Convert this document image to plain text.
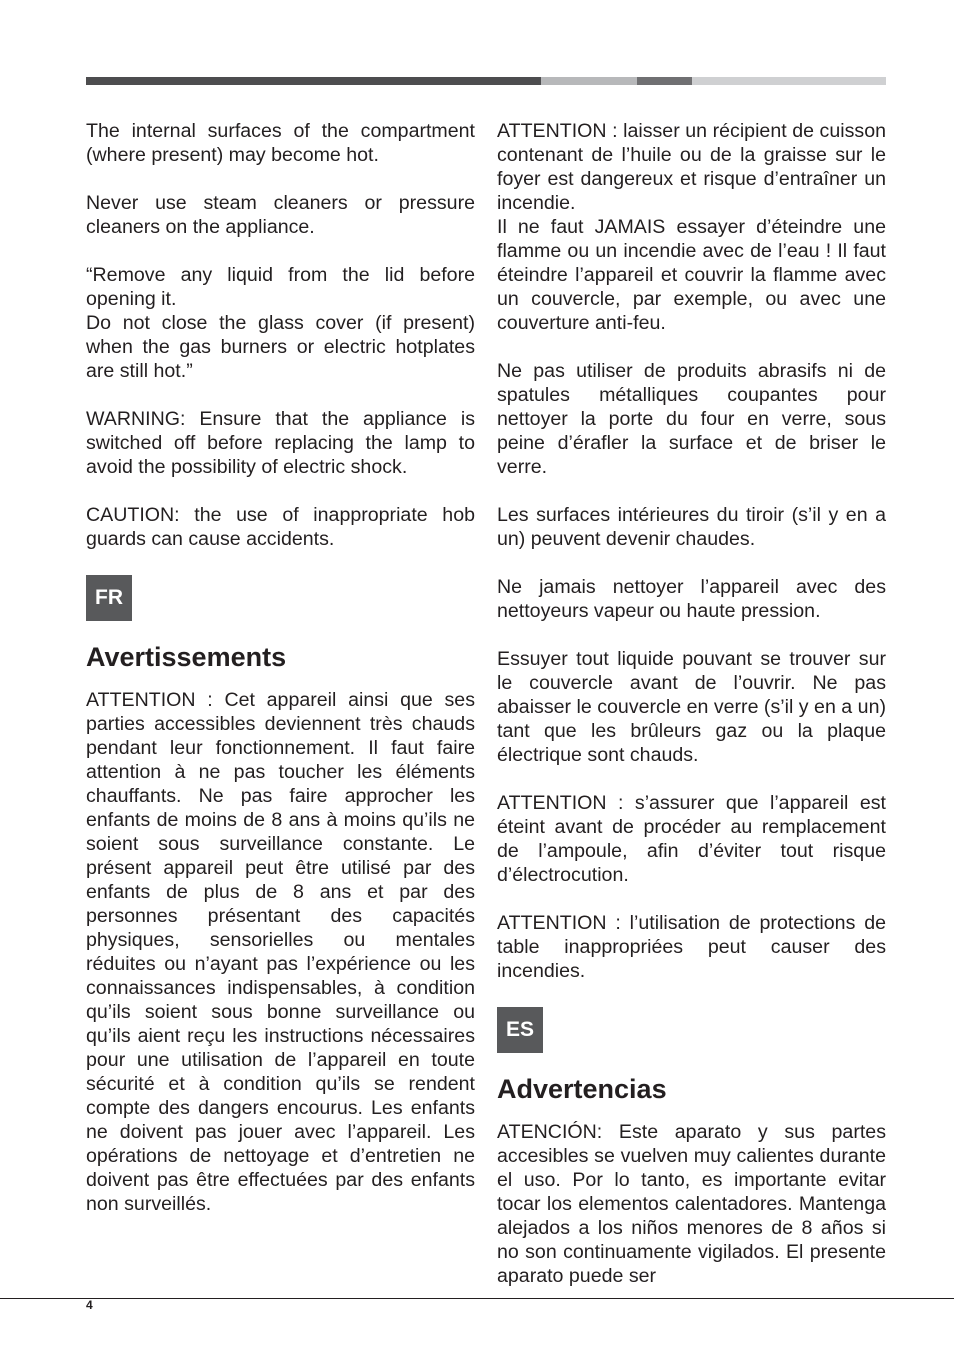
The internal surfaces of the compartment (where present) may become hot.

Never use steam cleaners or pressure cleaners on the appliance.

“Remove any liquid from the lid before opening it.

Do not close the glass cover (if present) when the gas burners or electric hotplates are still hot.”

WARNING: Ensure that the appliance is switched off before replacing the lamp to avoid the possibility of electric shock.

CAUTION: the use of inappropriate hob guards can cause accidents.

FR
Avertissements

ATTENTION : Cet appareil ainsi que ses parties accessibles deviennent très chauds pendant leur fonctionnement. Il faut faire attention à ne pas toucher les éléments chauffants. Ne pas faire approcher les enfants de moins de 8 ans à moins qu’ils ne soient sous surveillance constante. Le présent appareil peut être utilisé par des enfants de plus de 8 ans et par des personnes présentant des capacités physiques, sensorielles ou mentales réduites ou n’ayant pas l’expérience ou les connaissances indispensables, à condition qu’ils soient sous bonne surveillance ou qu’ils aient reçu les instructions nécessaires pour une utilisation de l’appareil en toute sécurité et à condition qu’ils se rendent compte des dangers encourus. Les enfants ne doivent pas jouer avec l’appareil. Les opérations de nettoyage et d’entretien ne doivent pas être effectuées par des enfants non surveillés.

ATTENTION : laisser un récipient de cuisson contenant de l’huile ou de la graisse sur le foyer est dangereux et risque d’entraîner un incendie.

Il ne faut JAMAIS essayer d’éteindre une flamme ou un incendie avec de l’eau ! Il faut éteindre l’appareil et couvrir la flamme avec un couvercle, par exemple, ou avec une couverture anti-feu.

Ne pas utiliser de produits abrasifs ni de spatules métalliques coupantes pour nettoyer la porte du four en verre, sous peine d’érafler la surface et de briser le verre.

Les surfaces intérieures du tiroir (s’il y en a un) peuvent devenir chaudes.

Ne jamais nettoyer l’appareil avec des nettoyeurs vapeur ou haute pression.

Essuyer tout liquide pouvant se trouver sur le couvercle avant de l’ouvrir. Ne pas abaisser le couvercle en verre (s’il y en a un) tant que les brûleurs gaz ou la plaque électrique sont chauds.

ATTENTION : s’assurer que l’appareil est éteint avant de procéder au remplacement de l’ampoule, afin d’éviter tout risque d’électrocution.

ATTENTION : l’utilisation de protections de table inappropriées peut causer des incendies.

ES
Advertencias

ATENCIÓN: Este aparato y sus partes accesibles se vuelven muy calientes durante el uso. Por lo tanto, es importante evitar tocar los elementos calentadores. Mantenga alejados a los niños menores de 8 años si no son continuamente vigilados. El presente aparato puede ser

4
